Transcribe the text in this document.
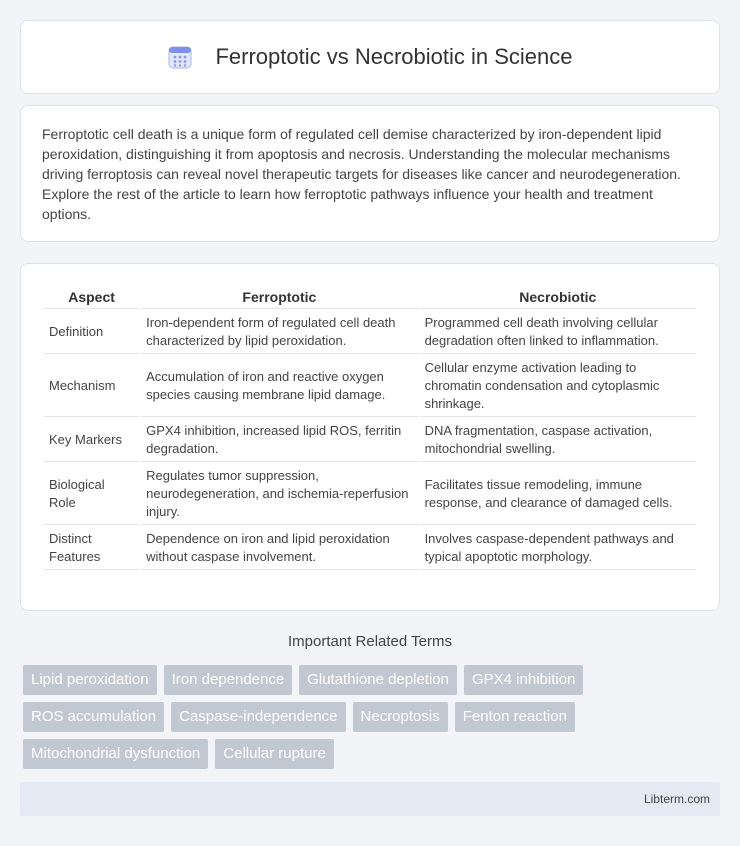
Ferroptotic vs Necrobiotic in Science

Ferroptotic cell death is a unique form of regulated cell demise characterized by iron-dependent lipid peroxidation, distinguishing it from apoptosis and necrosis. Understanding the molecular mechanisms driving ferroptosis can reveal novel therapeutic targets for diseases like cancer and neurodegeneration. Explore the rest of the article to learn how ferroptotic pathways influence your health and treatment options.

Aspect	Ferroptotic	Necrobiotic
Definition	Iron-dependent form of regulated cell death characterized by lipid peroxidation.	Programmed cell death involving cellular degradation often linked to inflammation.
Mechanism	Accumulation of iron and reactive oxygen species causing membrane lipid damage.	Cellular enzyme activation leading to chromatin condensation and cytoplasmic shrinkage.
Key Markers	GPX4 inhibition, increased lipid ROS, ferritin degradation.	DNA fragmentation, caspase activation, mitochondrial swelling.
Biological Role	Regulates tumor suppression, neurodegeneration, and ischemia-reperfusion injury.	Facilitates tissue remodeling, immune response, and clearance of damaged cells.
Distinct Features	Dependence on iron and lipid peroxidation without caspase involvement.	Involves caspase-dependent pathways and typical apoptotic morphology.
Important Related Terms
Lipid peroxidation	Iron dependence	Glutathione depletion	GPX4 inhibition
ROS accumulation	Caspase-independence	Necroptosis	Fenton reaction
Mitochondrial dysfunction	Cellular rupture
Libterm.com
